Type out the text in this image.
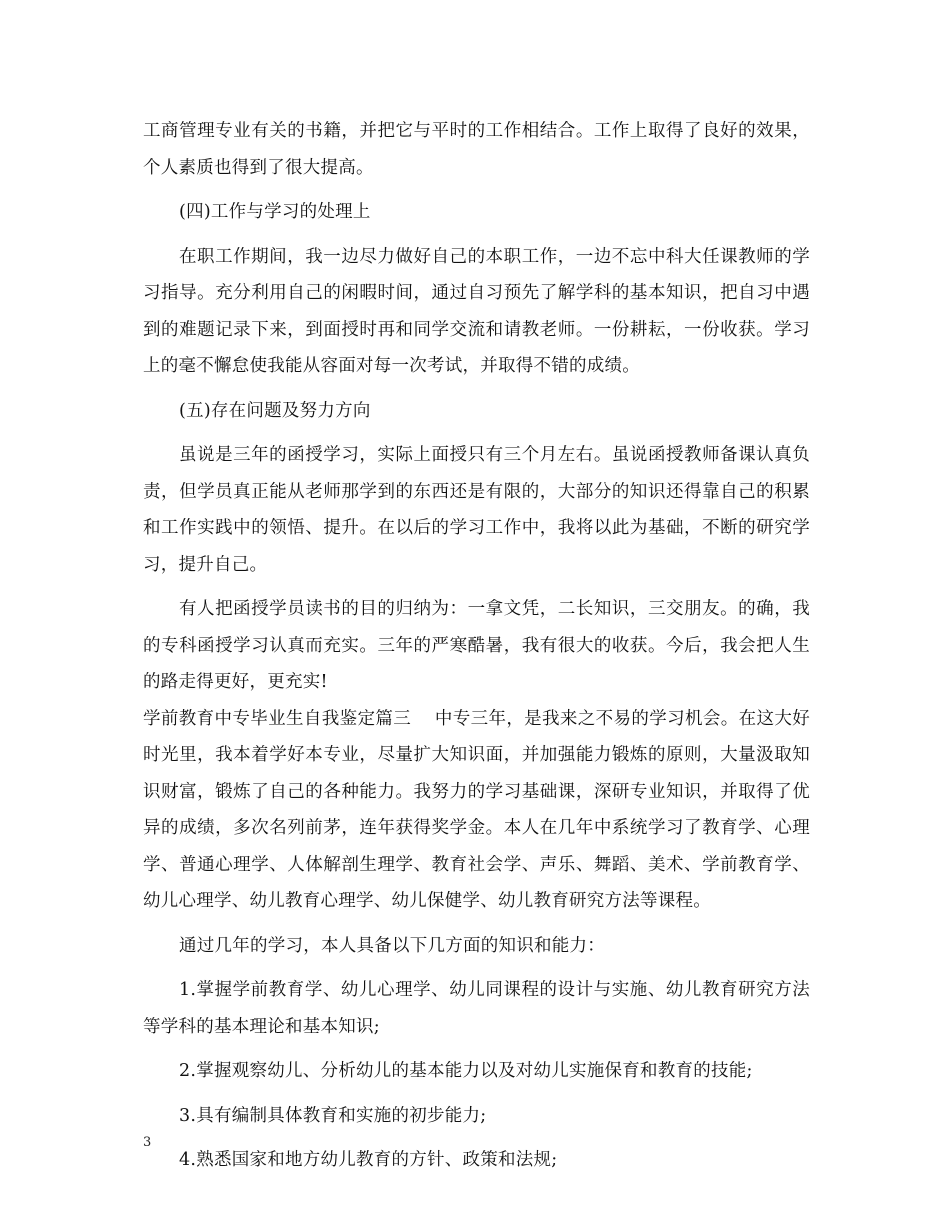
工商管理专业有关的书籍，并把它与平时的工作相结合。工作上取得了良好的效果，个人素质也得到了很大提高。

(四)工作与学习的处理上

在职工作期间，我一边尽力做好自己的本职工作，一边不忘中科大任课教师的学习指导。充分利用自己的闲暇时间，通过自习预先了解学科的基本知识，把自习中遇到的难题记录下来，到面授时再和同学交流和请教老师。一份耕耘，一份收获。学习上的毫不懈怠使我能从容面对每一次考试，并取得不错的成绩。

(五)存在问题及努力方向

虽说是三年的函授学习，实际上面授只有三个月左右。虽说函授教师备课认真负责，但学员真正能从老师那学到的东西还是有限的，大部分的知识还得靠自己的积累和工作实践中的领悟、提升。在以后的学习工作中，我将以此为基础，不断的研究学习，提升自己。

有人把函授学员读书的目的归纳为：一拿文凭，二长知识，三交朋友。的确，我的专科函授学习认真而充实。三年的严寒酷暑，我有很大的收获。今后，我会把人生的路走得更好，更充实!

学前教育中专毕业生自我鉴定篇三 中专三年，是我来之不易的学习机会。在这大好时光里，我本着学好本专业，尽量扩大知识面，并加强能力锻炼的原则，大量汲取知识财富，锻炼了自己的各种能力。我努力的学习基础课，深研专业知识，并取得了优异的成绩，多次名列前茅，连年获得奖学金。本人在几年中系统学习了教育学、心理学、普通心理学、人体解剖生理学、教育社会学、声乐、舞蹈、美术、学前教育学、幼儿心理学、幼儿教育心理学、幼儿保健学、幼儿教育研究方法等课程。

通过几年的学习，本人具备以下几方面的知识和能力：

1.掌握学前教育学、幼儿心理学、幼儿同课程的设计与实施、幼儿教育研究方法等学科的基本理论和基本知识;

2.掌握观察幼儿、分析幼儿的基本能力以及对幼儿实施保育和教育的技能;

3.具有编制具体教育和实施的初步能力;

4.熟悉国家和地方幼儿教育的方针、政策和法规;

3
